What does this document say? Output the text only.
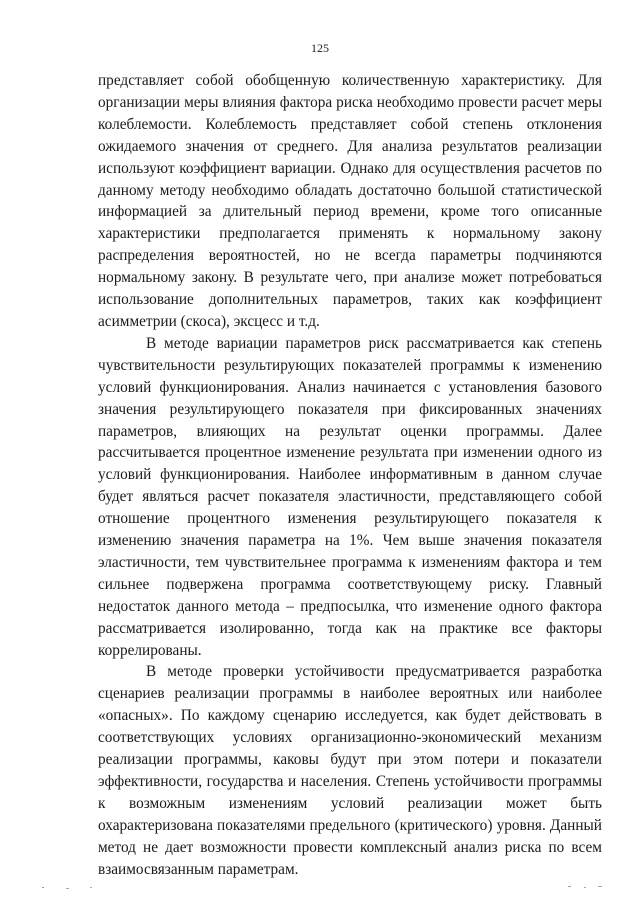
125

представляет собой обобщенную количественную характеристику. Для организации меры влияния фактора риска необходимо провести расчет меры колеблемости. Колеблемость представляет собой степень отклонения ожидаемого значения от среднего. Для анализа результатов реализации используют коэффициент вариации. Однако для осуществления расчетов по данному методу необходимо обладать достаточно большой статистической информацией за длительный период времени, кроме того описанные характеристики предполагается применять к нормальному закону распределения вероятностей, но не всегда параметры подчиняются нормальному закону. В результате чего, при анализе может потребоваться использование дополнительных параметров, таких как коэффициент асимметрии (скоса), эксцесс и т.д.

В методе вариации параметров риск рассматривается как степень чувствительности результирующих показателей программы к изменению условий функционирования. Анализ начинается с установления базового значения результирующего показателя при фиксированных значениях параметров, влияющих на результат оценки программы. Далее рассчитывается процентное изменение результата при изменении одного из условий функционирования. Наиболее информативным в данном случае будет являться расчет показателя эластичности, представляющего собой отношение процентного изменения результирующего показателя к изменению значения параметра на 1%. Чем выше значения показателя эластичности, тем чувствительнее программа к изменениям фактора и тем сильнее подвержена программа соответствующему риску. Главный недостаток данного метода – предпосылка, что изменение одного фактора рассматривается изолированно, тогда как на практике все факторы коррелированы.

В методе проверки устойчивости предусматривается разработка сценариев реализации программы в наиболее вероятных или наиболее «опасных». По каждому сценарию исследуется, как будет действовать в соответствующих условиях организационно-экономический механизм реализации программы, каковы будут при этом потери и показатели эффективности, государства и населения. Степень устойчивости программы к возможным изменениям условий реализации может быть охарактеризована показателями предельного (критического) уровня. Данный метод не дает возможности провести комплексный анализ риска по всем взаимосвязанным параметрам.
